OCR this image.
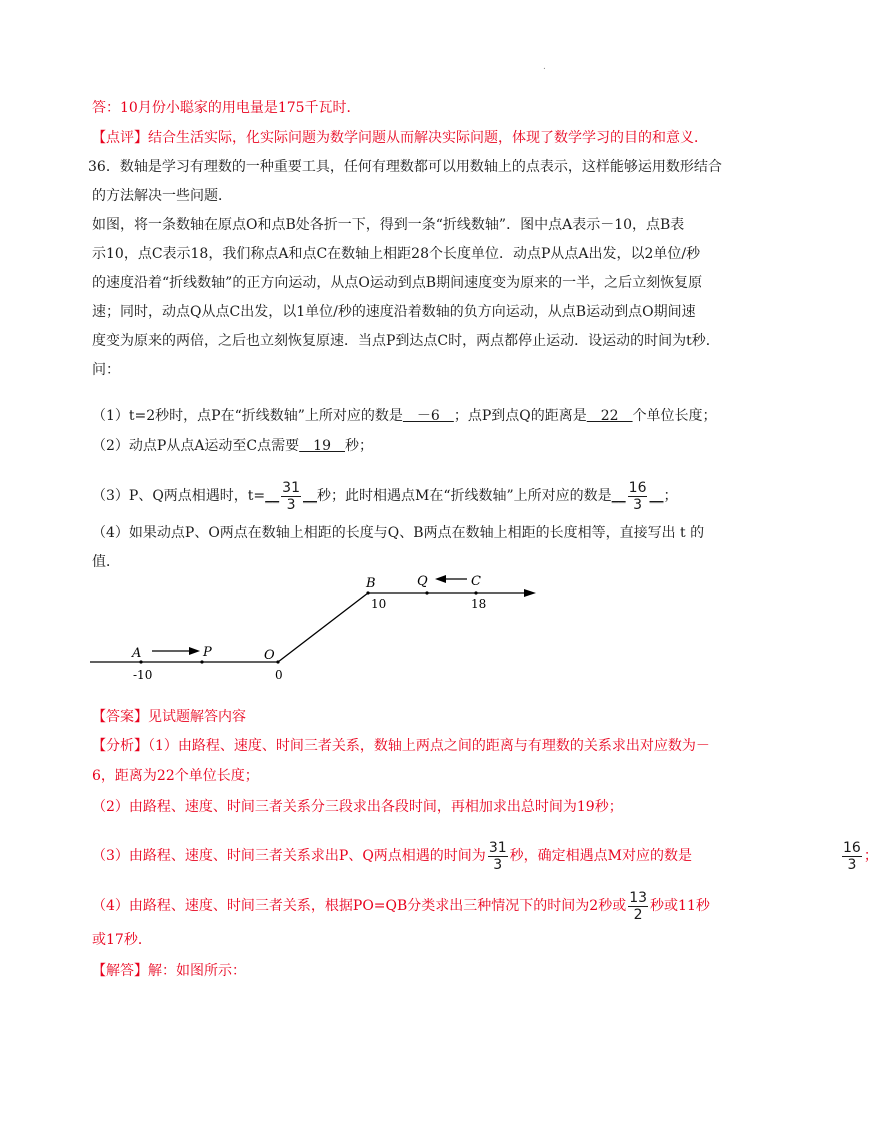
.
答：10月份小聪家的用电量是175千瓦时．
【点评】结合生活实际，化实际问题为数学问题从而解决实际问题，体现了数学学习的目的和意义．
36．数轴是学习有理数的一种重要工具，任何有理数都可以用数轴上的点表示，这样能够运用数形结合
的方法解决一些问题．
如图，将一条数轴在原点O和点B处各折一下，得到一条“折线数轴”．图中点A表示－10，点B表
示10，点C表示18，我们称点A和点C在数轴上相距28个长度单位．动点P从点A出发，以2单位/秒
的速度沿着“折线数轴”的正方向运动，从点O运动到点B期间速度变为原来的一半，之后立刻恢复原
速；同时，动点Q从点C出发，以1单位/秒的速度沿着数轴的负方向运动，从点B运动到点O期间速
度变为原来的两倍，之后也立刻恢复原速．当点P到达点C时，两点都停止运动．设运动的时间为t秒．
问：
（1）t=2秒时，点P在“折线数轴”上所对应的数是　－6　；点P到点Q的距离是　22　个单位长度；
（2）动点P从点A运动至C点需要　19　秒；
（3）P、Q两点相遇时，t=__ $\frac{31}{3}$ __秒；此时相遇点M在“折线数轴”上所对应的数是__ $\frac{16}{3}$ __；
（4）如果动点P、O两点在数轴上相距的长度与Q、B两点在数轴上相距的长度相等，直接写出 t 的
值．
A	P	O
B	Q	C
-10	0
10	18
【答案】见试题解答内容
【分析】（1）由路程、速度、时间三者关系，数轴上两点之间的距离与有理数的关系求出对应数为－
6，距离为22个单位长度；
（2）由路程、速度、时间三者关系分三段求出各段时间，再相加求出总时间为19秒；
（3）由路程、速度、时间三者关系求出P、Q两点相遇的时间为 $\frac{31}{3}$ 秒，确定相遇点M对应的数是	$\frac{16}{3}$ ；
（4）由路程、速度、时间三者关系，根据PO=QB分类求出三种情况下的时间为2秒或 $\frac{13}{2}$ 秒或11秒
或17秒．
【解答】解：如图所示：
